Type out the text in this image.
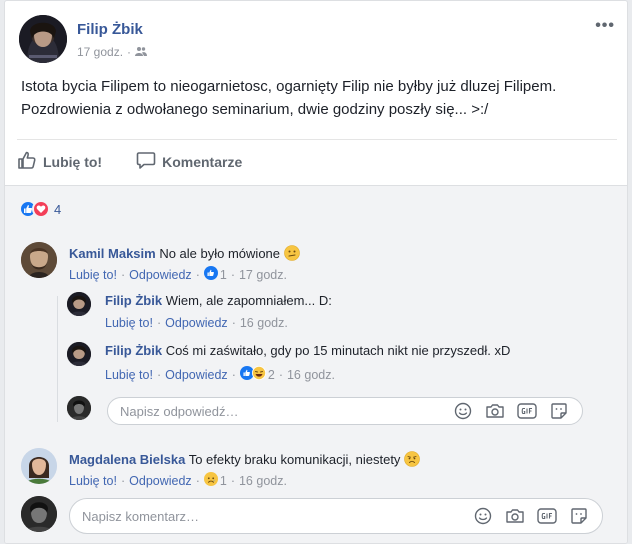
Filip Żbik
17 godz. ·
•••
Istota bycia Filipem to nieogarnietosc, ogarnięty Filip nie byłby już dluzej Filipem. Pozdrowienia z odwołanego seminarium, dwie godziny poszły się... >:/
Lubię to!	Komentarze
4
Kamil Maksim No ale było mówione
Lubię to! · Odpowiedz · 1 · 17 godz.
Filip Żbik Wiem, ale zapomniałem... D:
Lubię to! · Odpowiedz · 16 godz.
Filip Żbik Coś mi zaświtało, gdy po 15 minutach nikt nie przyszedł. xD
Lubię to! · Odpowiedz ·	2 · 16 godz.
Napisz odpowiedź…
Magdalena Bielska To efekty braku komunikacji, niestety
Lubię to! · Odpowiedz · 1 · 16 godz.
Napisz komentarz…
